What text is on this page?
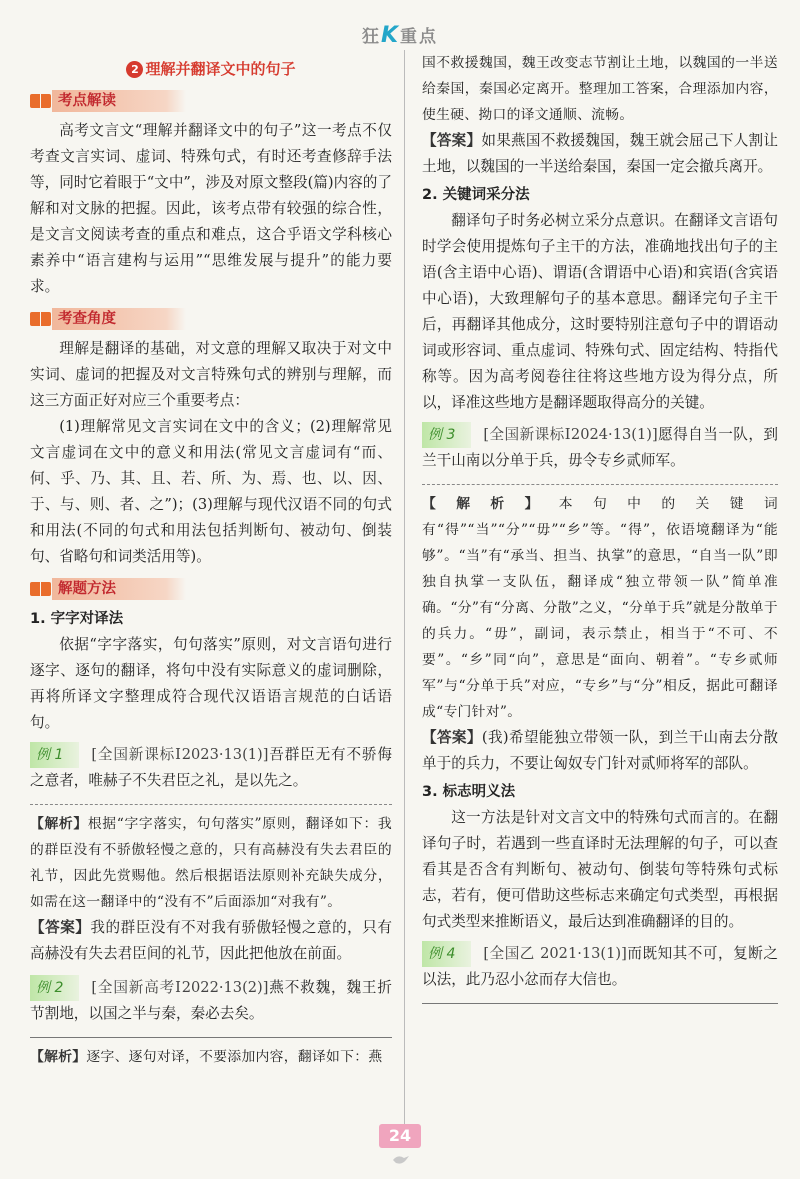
狂K重点
2 理解并翻译文中的句子
考点解读

高考文言文“理解并翻译文中的句子”这一考点不仅考查文言实词、虚词、特殊句式，有时还考查修辞手法等，同时它着眼于“文中”，涉及对原文整段(篇)内容的了解和对文脉的把握。因此，该考点带有较强的综合性，是文言文阅读考查的重点和难点，这合乎语文学科核心素养中“语言建构与运用”“思维发展与提升”的能力要求。

考查角度

理解是翻译的基础，对文意的理解又取决于对文中实词、虚词的把握及对文言特殊句式的辨别与理解，而这三方面正好对应三个重要考点：

(1)理解常见文言实词在文中的含义；(2)理解常见文言虚词在文中的意义和用法(常见文言虚词有“而、何、乎、乃、其、且、若、所、为、焉、也、以、因、于、与、则、者、之”)；(3)理解与现代汉语不同的句式和用法(不同的句式和用法包括判断句、被动句、倒装句、省略句和词类活用等)。

解题方法
1. 字字对译法

依据“字字落实，句句落实”原则，对文言语句进行逐字、逐句的翻译，将句中没有实际意义的虚词删除，再将所译文字整理成符合现代汉语语言规范的白话语句。

例 1 [全国新课标Ⅰ2023·13(1)]吾群臣无有不骄侮之意者，唯赫子不失君臣之礼，是以先之。

【解析】根据“字字落实，句句落实”原则，翻译如下：我的群臣没有不骄傲轻慢之意的，只有高赫没有失去君臣的礼节，因此先赏赐他。然后根据语法原则补充缺失成分，如需在这一翻译中的“没有不”后面添加“对我有”。

【答案】我的群臣没有不对我有骄傲轻慢之意的，只有高赫没有失去君臣间的礼节，因此把他放在前面。

例 2 [全国新高考Ⅰ2022·13(2)]燕不救魏，魏王折节割地，以国之半与秦，秦必去矣。

【解析】逐字、逐句对译，不要添加内容，翻译如下：燕

国不救援魏国，魏王改变志节割让土地，以魏国的一半送给秦国，秦国必定离开。整理加工答案，合理添加内容，使生硬、拗口的译文通顺、流畅。

【答案】如果燕国不救援魏国，魏王就会屈己下人割让土地，以魏国的一半送给秦国，秦国一定会撤兵离开。

2. 关键词采分法

翻译句子时务必树立采分点意识。在翻译文言语句时学会使用提炼句子主干的方法，准确地找出句子的主语(含主语中心语)、谓语(含谓语中心语)和宾语(含宾语中心语)，大致理解句子的基本意思。翻译完句子主干后，再翻译其他成分，这时要特别注意句子中的谓语动词或形容词、重点虚词、特殊句式、固定结构、特指代称等。因为高考阅卷往往将这些地方设为得分点，所以，译准这些地方是翻译题取得高分的关键。

例 3 [全国新课标Ⅰ2024·13(1)]愿得自当一队，到兰干山南以分单于兵，毋令专乡贰师军。

【解析】本句中的关键词有“得”“当”“分”“毋”“乡”等。“得”，依语境翻译为“能够”。“当”有“承当、担当、执掌”的意思，“自当一队”即独自执掌一支队伍，翻译成“独立带领一队”简单准确。“分”有“分离、分散”之义，“分单于兵”就是分散单于的兵力。“毋”，副词，表示禁止，相当于“不可、不要”。“乡”同“向”，意思是“面向、朝着”。“专乡贰师军”与“分单于兵”对应，“专乡”与“分”相反，据此可翻译成“专门针对”。

【答案】(我)希望能独立带领一队，到兰干山南去分散单于的兵力，不要让匈奴专门针对贰师将军的部队。

3. 标志明义法

这一方法是针对文言文中的特殊句式而言的。在翻译句子时，若遇到一些直译时无法理解的句子，可以查看其是否含有判断句、被动句、倒装句等特殊句式标志，若有，便可借助这些标志来确定句式类型，再根据句式类型来推断语义，最后达到准确翻译的目的。

例 4 [全国乙 2021·13(1)]而既知其不可，复断之以法，此乃忍小忿而存大信也。

24
